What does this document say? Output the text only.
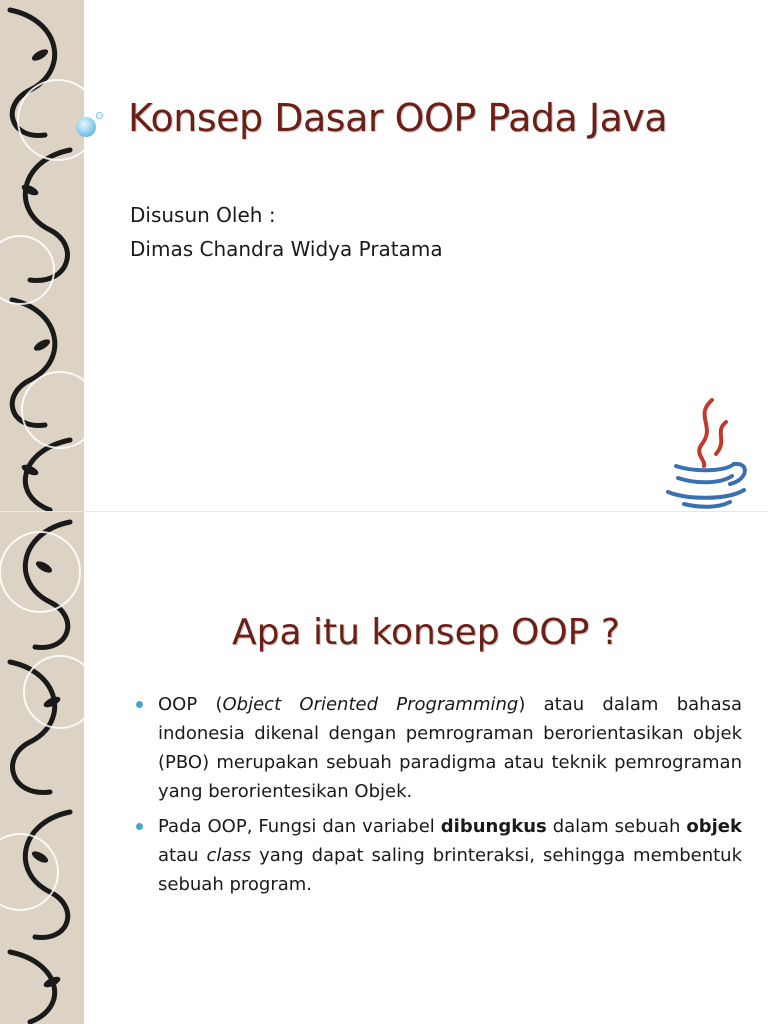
Konsep Dasar OOP Pada Java
Disusun Oleh :
Dimas Chandra Widya Pratama
Apa itu konsep OOP ?
OOP (Object Oriented Programming) atau dalam bahasa indonesia dikenal dengan pemrograman berorientasikan objek (PBO) merupakan sebuah paradigma atau teknik pemrograman yang berorientesikan Objek.
Pada OOP, Fungsi dan variabel dibungkus dalam sebuah objek atau class yang dapat saling brinteraksi, sehingga membentuk sebuah program.
